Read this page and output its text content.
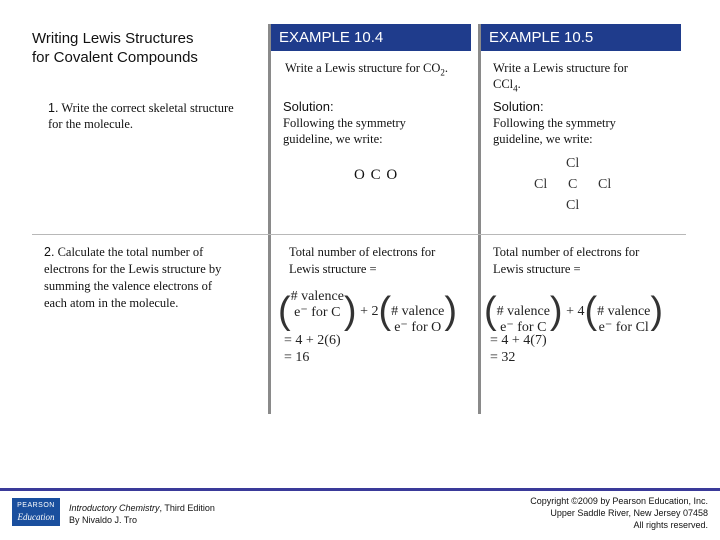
Writing Lewis Structures
for Covalent Compounds
1. Write the correct skeletal structure
for the molecule.
2. Calculate the total number of
electrons for the Lewis structure by
summing the valence electrons of
each atom in the molecule.
EXAMPLE 10.4	EXAMPLE 10.5
Write a Lewis structure for $CO_2$.	Write a Lewis structure for
CCl$_4$.
Solution:
Following the symmetry
guideline, we write:
Solution:
Following the symmetry
guideline, we write:
O C O
Cl
Cl C Cl
Cl
Total number of electrons for
Lewis structure =
Total number of electrons for
Lewis structure =
(# valence
e⁻ for C) + 2(# valence
e⁻ for O)
= 4 + 2(6)
= 16
(# valence
e⁻ for C) + 4(# valence
e⁻ for Cl)
= 4 + 4(7)
= 32
PEARSON
Education
Introductory Chemistry, Third Edition
By Nivaldo J. Tro
Copyright ©2009 by Pearson Education, Inc.
Upper Saddle River, New Jersey 07458
All rights reserved.
